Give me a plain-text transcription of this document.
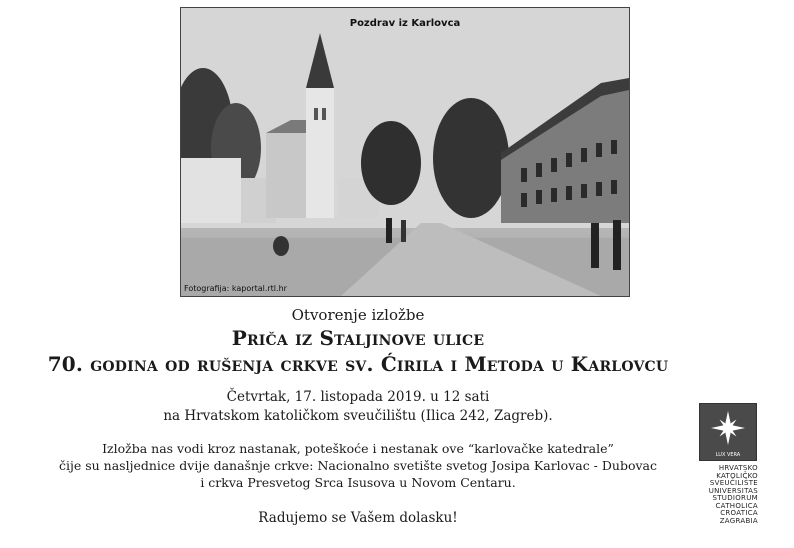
Pozdrav iz Karlovca
Fotografija: kaportal.rtl.hr
Otvorenje izložbe
Priča iz Staljinove ulice
70. godina od rušenja crkve sv. Ćirila i Metoda u Karlovcu
Četvrtak, 17. listopada 2019. u 12 sati
na Hrvatskom katoličkom sveučilištu (Ilica 242, Zagreb).
Izložba nas vodi kroz nastanak, poteškoće i nestanak ove “karlovačke katedrale”
čije su nasljednice dvije današnje crkve: Nacionalno svetište svetog Josipa Karlovac - Dubovac
i crkva Presvetog Srca Isusova u Novom Centaru.
Radujemo se Vašem dolasku!
LUX VERA
HRVATSKO
KATOLIČKO
SVEUČILIŠTE
UNIVERSITAS
STUDIORUM
CATHOLICA
CROATICA
ZAGRABIA
